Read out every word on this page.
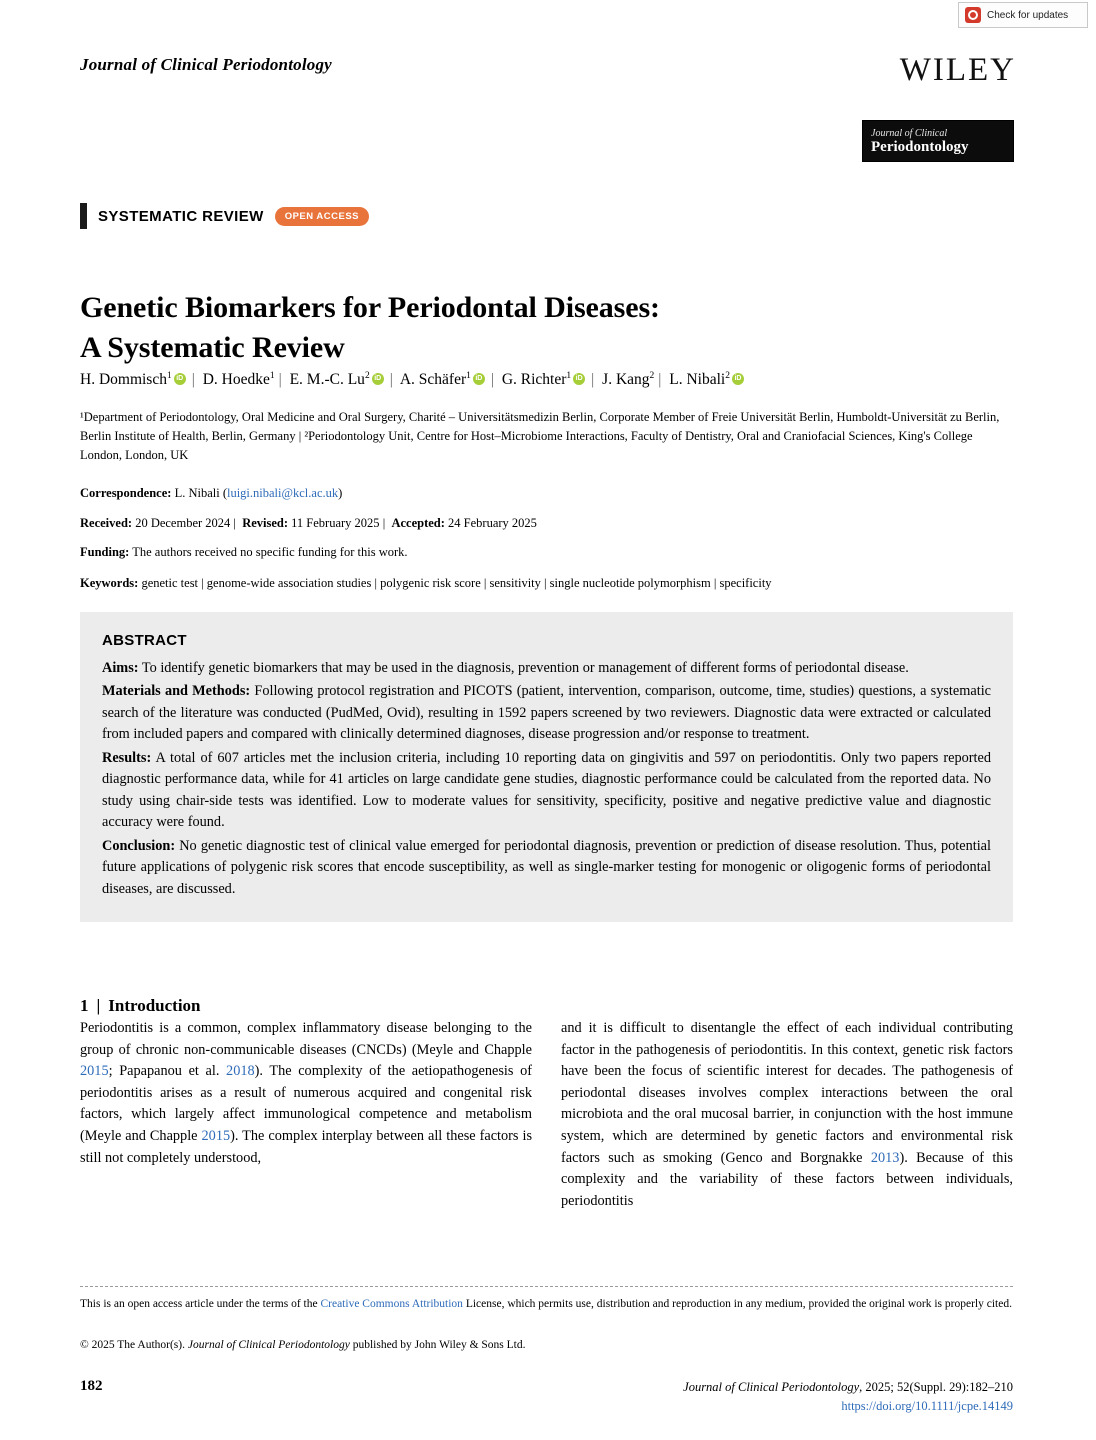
Check for updates
Journal of Clinical Periodontology	WILEY
Journal of Clinical
Periodontology
SYSTEMATIC REVIEW	OPEN ACCESS
Genetic Biomarkers for Periodontal Diseases:
A Systematic Review
H. Dommisch$^1$ iD | D. Hoedke$^1$ | E. M.-C. Lu$^2$ iD | A. Schäfer$^1$ iD | G. Richter$^1$ iD | J. Kang$^2$ | L. Nibali$^2$iD
¹Department of Periodontology, Oral Medicine and Oral Surgery, Charité – Universitätsmedizin Berlin, Corporate Member of Freie Universität Berlin, Humboldt-Universität zu Berlin, Berlin Institute of Health, Berlin, Germany | ²Periodontology Unit, Centre for Host–Microbiome Interactions, Faculty of Dentistry, Oral and Craniofacial Sciences, King's College London, London, UK
Correspondence: L. Nibali (luigi.nibali@kcl.ac.uk)
Received: 20 December 2024 |  Revised: 11 February 2025 |  Accepted: 24 February 2025
Funding: The authors received no specific funding for this work.
Keywords: genetic test | genome-wide association studies | polygenic risk score | sensitivity | single nucleotide polymorphism | specificity
ABSTRACT

Aims: To identify genetic biomarkers that may be used in the diagnosis, prevention or management of different forms of periodontal disease.

Materials and Methods: Following protocol registration and PICOTS (patient, intervention, comparison, outcome, time, studies) questions, a systematic search of the literature was conducted (PudMed, Ovid), resulting in 1592 papers screened by two reviewers. Diagnostic data were extracted or calculated from included papers and compared with clinically determined diagnoses, disease progression and/or response to treatment.

Results: A total of 607 articles met the inclusion criteria, including 10 reporting data on gingivitis and 597 on periodontitis. Only two papers reported diagnostic performance data, while for 41 articles on large candidate gene studies, diagnostic performance could be calculated from the reported data. No study using chair-side tests was identified. Low to moderate values for sensitivity, specificity, positive and negative predictive value and diagnostic accuracy were found.

Conclusion: No genetic diagnostic test of clinical value emerged for periodontal diagnosis, prevention or prediction of disease resolution. Thus, potential future applications of polygenic risk scores that encode susceptibility, as well as single-marker testing for monogenic or oligogenic forms of periodontal diseases, are discussed.

1 | Introduction

Periodontitis is a common, complex inflammatory disease belonging to the group of chronic non-communicable diseases (CNCDs) (Meyle and Chapple 2015; Papapanou et al. 2018). The complexity of the aetiopathogenesis of periodontitis arises as a result of numerous acquired and congenital risk factors, which largely affect immunological competence and metabolism (Meyle and Chapple 2015). The complex interplay between all these factors is still not completely understood,

and it is difficult to disentangle the effect of each individual contributing factor in the pathogenesis of periodontitis. In this context, genetic risk factors have been the focus of scientific interest for decades. The pathogenesis of periodontal diseases involves complex interactions between the oral microbiota and the oral mucosal barrier, in conjunction with the host immune system, which are determined by genetic factors and environmental risk factors such as smoking (Genco and Borgnakke 2013). Because of this complexity and the variability of these factors between individuals, periodontitis

This is an open access article under the terms of the Creative Commons Attribution License, which permits use, distribution and reproduction in any medium, provided the original work is properly cited.
© 2025 The Author(s). Journal of Clinical Periodontology published by John Wiley & Sons Ltd.
182	Journal of Clinical Periodontology, 2025; 52(Suppl. 29):182–210
https://doi.org/10.1111/jcpe.14149
